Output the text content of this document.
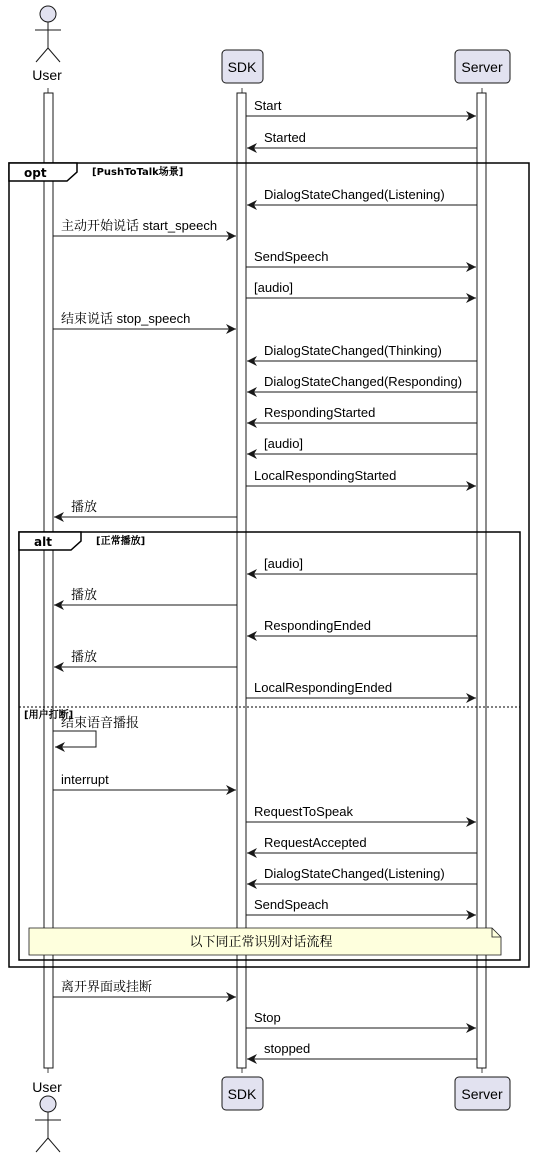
User	SDK	Server
User	SDK	Server
opt	[PushToTalk场景]
alt	[正常播放]
[用户打断]
以下同正常识别对话流程
Start
Started
DialogStateChanged(Listening)
主动开始说话 start_speech
SendSpeech
[audio]
结束说话 stop_speech
DialogStateChanged(Thinking)
DialogStateChanged(Responding)
RespondingStarted
[audio]
LocalRespondingStarted
播放
[audio]
播放
RespondingEnded
播放
LocalRespondingEnded
结束语音播报
interrupt
RequestToSpeak
RequestAccepted
DialogStateChanged(Listening)
SendSpeach
离开界面或挂断
Stop
stopped
